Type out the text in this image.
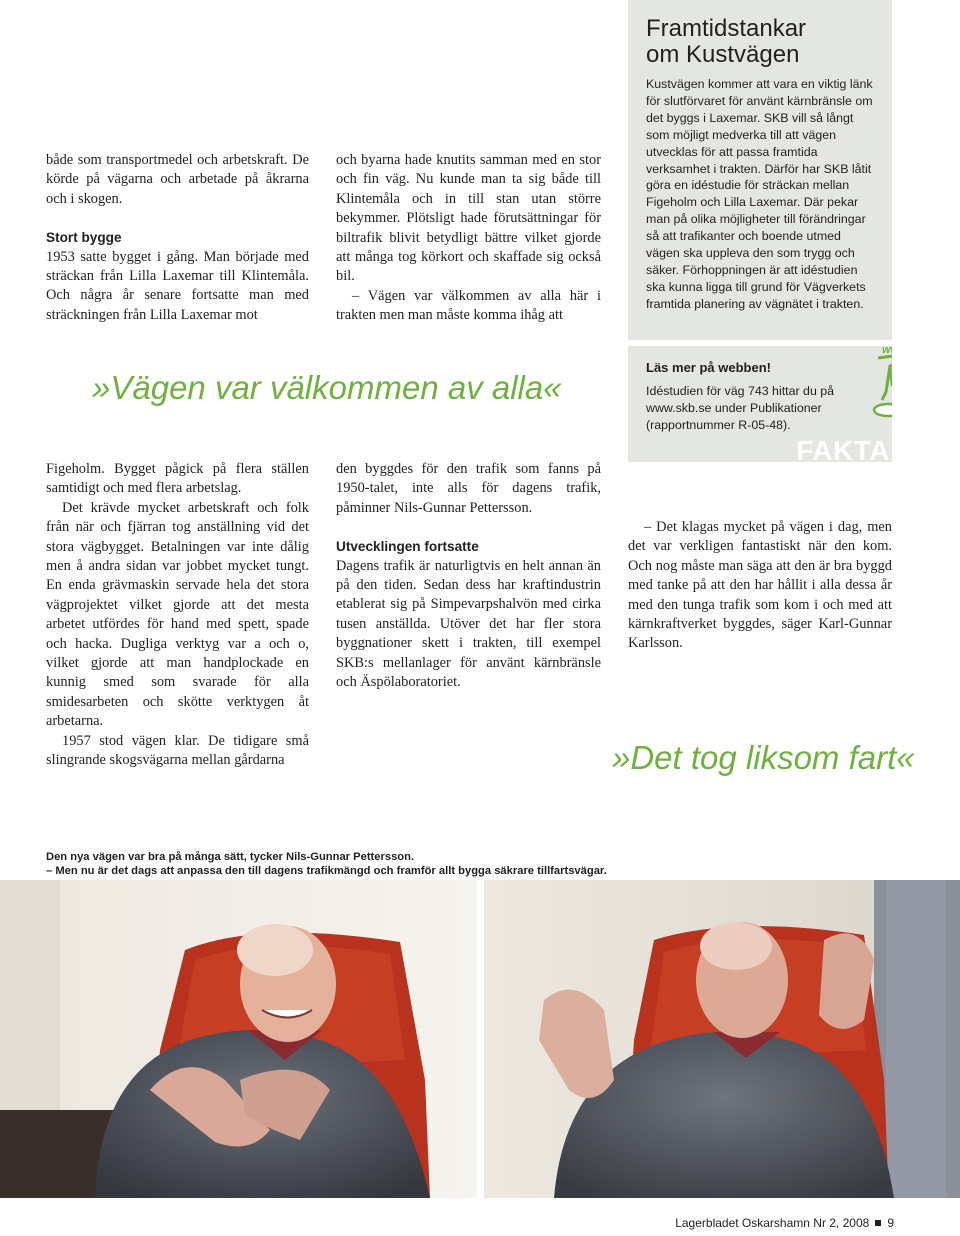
både som transportmedel och arbetskraft. De körde på vägarna och arbetade på åkrarna och i skogen.

Stort bygge

1953 satte bygget i gång. Man började med sträckan från Lilla Laxemar till Klintemåla. Och några år senare fortsatte man med sträckningen från Lilla Laxemar mot

och byarna hade knutits samman med en stor och fin väg. Nu kunde man ta sig både till Klintemåla och in till stan utan större bekymmer. Plötsligt hade förutsättningar för biltrafik blivit betydligt bättre vilket gjorde att många tog körkort och skaffade sig också bil.

– Vägen var välkommen av alla här i trakten men man måste komma ihåg att

Framtidstankar
om Kustvägen
Kustvägen kommer att vara en viktig länk för slutförvaret för använt kärnbränsle om det byggs i Laxemar. SKB vill så långt som möjligt medverka till att vägen utvecklas för att passa framtida verksamhet i trakten. Därför har SKB låtit göra en idéstudie för sträckan mellan Figeholm och Lilla Laxemar. Där pekar man på olika möjligheter till förändringar så att trafikanter och boende utmed vägen ska uppleva den som trygg och säker. Förhoppningen är att idéstudien ska kunna ligga till grund för Vägverkets framtida planering av vägnätet i trakten.
Läs mer på webben!
Idéstudien för väg 743 hittar du på www.skb.se under Publikationer (rapportnummer R-05-48).
www
FAKTA
»Vägen var välkommen av alla«

Figeholm. Bygget pågick på flera ställen samtidigt och med flera arbetslag.

Det krävde mycket arbetskraft och folk från när och fjärran tog anställning vid det stora vägbygget. Betalningen var inte dålig men å andra sidan var jobbet mycket tungt. En enda grävmaskin servade hela det stora vägprojektet vilket gjorde att det mesta arbetet utfördes för hand med spett, spade och hacka. Dugliga verktyg var a och o, vilket gjorde att man handplockade en kunnig smed som svarade för alla smidesarbeten och skötte verktygen åt arbetarna.

1957 stod vägen klar. De tidigare små slingrande skogsvägarna mellan gårdarna

den byggdes för den trafik som fanns på 1950-talet, inte alls för dagens trafik, påminner Nils-Gunnar Pettersson.

Utvecklingen fortsatte

Dagens trafik är naturligtvis en helt annan än på den tiden. Sedan dess har kraftindustrin etablerat sig på Simpevarpshalvön med cirka tusen anställda. Utöver det har fler stora byggnationer skett i trakten, till exempel SKB:s mellanlager för använt kärnbränsle och Äspölaboratoriet.

– Det klagas mycket på vägen i dag, men det var verkligen fantastiskt när den kom. Och nog måste man säga att den är bra byggd med tanke på att den har hållit i alla dessa år med den tunga trafik som kom i och med att kärnkraftverket byggdes, säger Karl-Gunnar Karlsson.

»Det tog liksom fart«
Den nya vägen var bra på många sätt, tycker Nils-Gunnar Pettersson.
– Men nu är det dags att anpassa den till dagens trafikmängd och framför allt bygga säkrare tillfartsvägar.
Lagerbladet Oskarshamn Nr 2, 2008 9
